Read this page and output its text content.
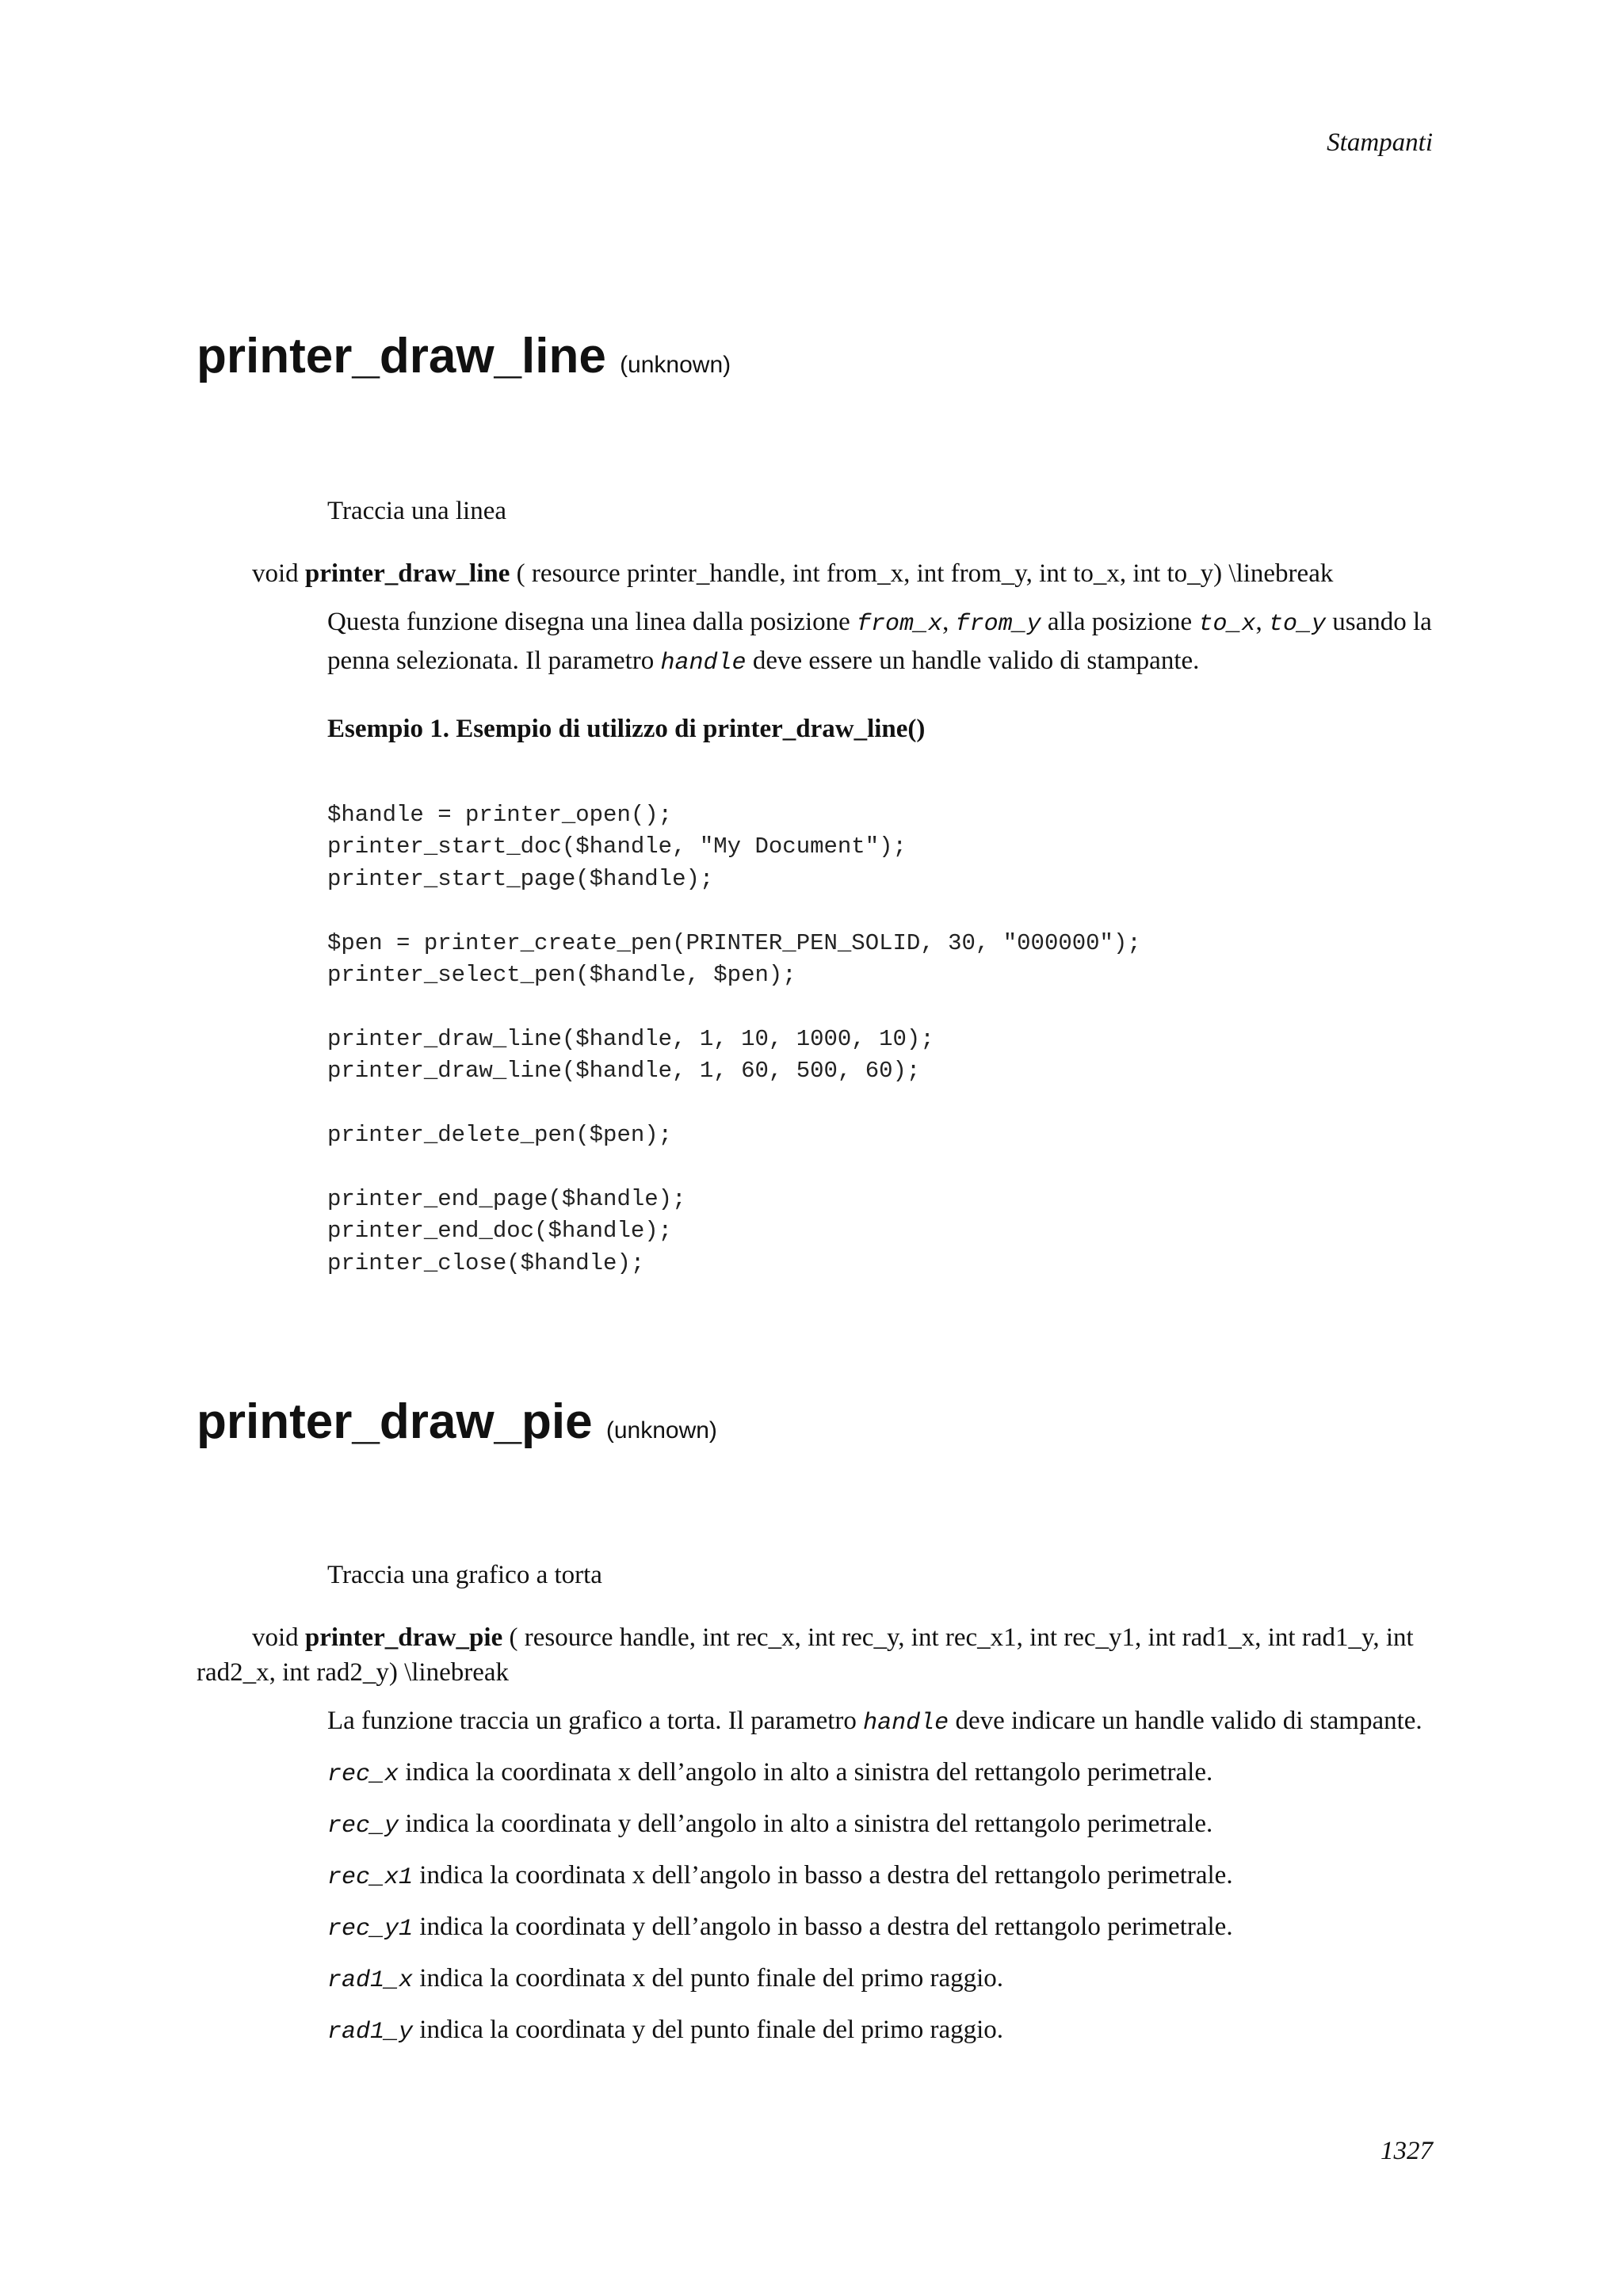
Stampanti
printer_draw_line (unknown)

Traccia una linea

void printer_draw_line ( resource printer_handle, int from_x, int from_y, int to_x, int to_y) \linebreak

Questa funzione disegna una linea dalla posizione from_x, from_y alla posizione to_x, to_y usando la penna selezionata. Il parametro handle deve essere un handle valido di stampante.

Esempio 1. Esempio di utilizzo di printer_draw_line()

$handle = printer_open();
printer_start_doc($handle, "My Document");
printer_start_page($handle);
$pen = printer_create_pen(PRINTER_PEN_SOLID, 30, "000000");
printer_select_pen($handle, $pen);
printer_draw_line($handle, 1, 10, 1000, 10);
printer_draw_line($handle, 1, 60, 500, 60);
printer_delete_pen($pen);
printer_end_page($handle);
printer_end_doc($handle);
printer_close($handle);
printer_draw_pie (unknown)

Traccia una grafico a torta

void printer_draw_pie ( resource handle, int rec_x, int rec_y, int rec_x1, int rec_y1, int rad1_x, int rad1_y, int rad2_x, int rad2_y) \linebreak

La funzione traccia un grafico a torta. Il parametro handle deve indicare un handle valido di stampante.

rec_x indica la coordinata x dell’angolo in alto a sinistra del rettangolo perimetrale.

rec_y indica la coordinata y dell’angolo in alto a sinistra del rettangolo perimetrale.

rec_x1 indica la coordinata x dell’angolo in basso a destra del rettangolo perimetrale.

rec_y1 indica la coordinata y dell’angolo in basso a destra del rettangolo perimetrale.

rad1_x indica la coordinata x del punto finale del primo raggio.

rad1_y indica la coordinata y del punto finale del primo raggio.

1327
